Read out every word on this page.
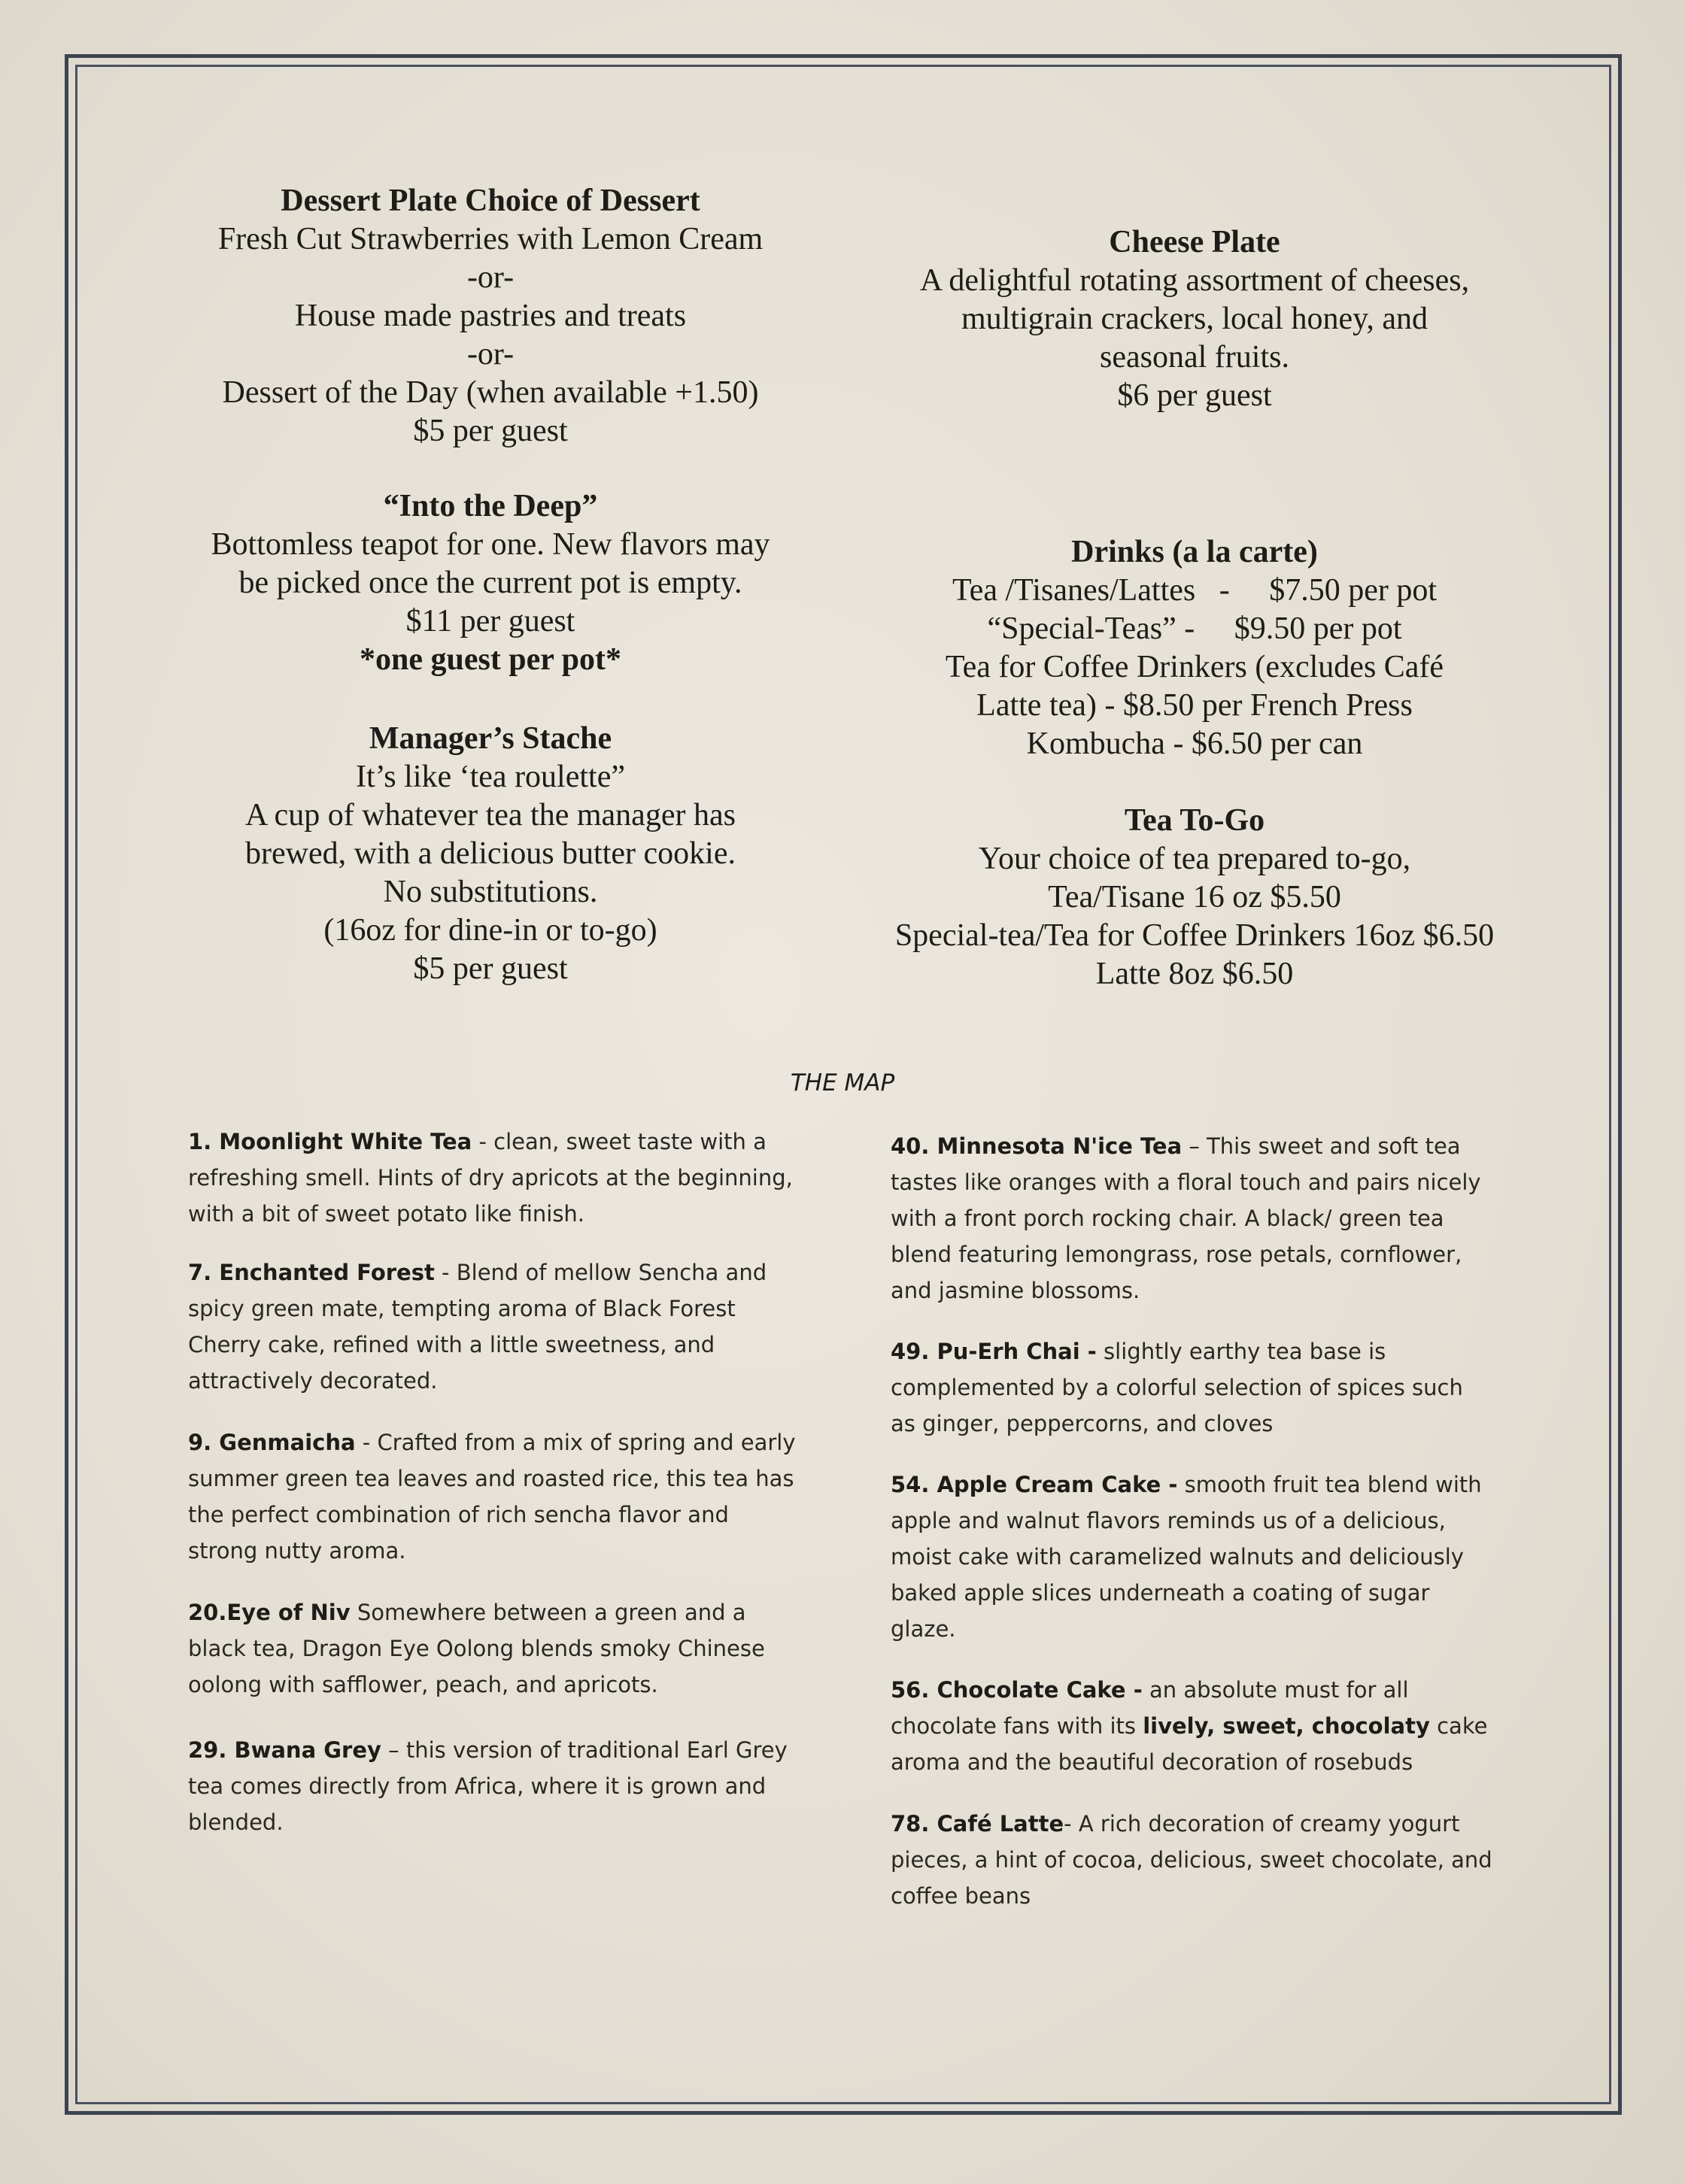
Dessert Plate Choice of Dessert
Fresh Cut Strawberries with Lemon Cream
-or-
House made pastries and treats
-or-
Dessert of the Day (when available +1.50)
$5 per guest
“Into the Deep”
Bottomless teapot for one. New flavors may
be picked once the current pot is empty.
$11 per guest
*one guest per pot*
Manager’s Stache
It’s like ‘tea roulette”
A cup of whatever tea the manager has
brewed, with a delicious butter cookie.
No substitutions.
(16oz for dine-in or to-go)
$5 per guest
Cheese Plate
A delightful rotating assortment of cheeses,
multigrain crackers, local honey, and
seasonal fruits.
$6 per guest
Drinks (a la carte)
Tea /Tisanes/Lattes   -     $7.50 per pot
“Special-Teas” -     $9.50 per pot
Tea for Coffee Drinkers (excludes Café
Latte tea) - $8.50 per French Press
Kombucha - $6.50 per can
Tea To-Go
Your choice of tea prepared to-go,
Tea/Tisane 16 oz $5.50
Special-tea/Tea for Coffee Drinkers 16oz $6.50
Latte 8oz $6.50
THE MAP

1. Moonlight White Tea - clean, sweet taste with a refreshing smell. Hints of dry apricots at the beginning, with a bit of sweet potato like finish.

7. Enchanted Forest - Blend of mellow Sencha and spicy green mate, tempting aroma of Black Forest Cherry cake, refined with a little sweetness, and attractively decorated.

9. Genmaicha - Crafted from a mix of spring and early summer green tea leaves and roasted rice, this tea has the perfect combination of rich sencha flavor and strong nutty aroma.

20.Eye of Niv Somewhere between a green and a black tea, Dragon Eye Oolong blends smoky Chinese oolong with safflower, peach, and apricots.

29. Bwana Grey – this version of traditional Earl Grey tea comes directly from Africa, where it is grown and blended.

40. Minnesota N'ice Tea – This sweet and soft tea tastes like oranges with a floral touch and pairs nicely with a front porch rocking chair. A black/ green tea blend featuring lemongrass, rose petals, cornflower, and jasmine blossoms.

49. Pu-Erh Chai - slightly earthy tea base is complemented by a colorful selection of spices such as ginger, peppercorns, and cloves

54. Apple Cream Cake - smooth fruit tea blend with apple and walnut flavors reminds us of a delicious, moist cake with caramelized walnuts and deliciously baked apple slices underneath a coating of sugar glaze.

56. Chocolate Cake - an absolute must for all chocolate fans with its lively, sweet, chocolaty cake aroma and the beautiful decoration of rosebuds

78. Café Latte- A rich decoration of creamy yogurt pieces, a hint of cocoa, delicious, sweet chocolate, and coffee beans
